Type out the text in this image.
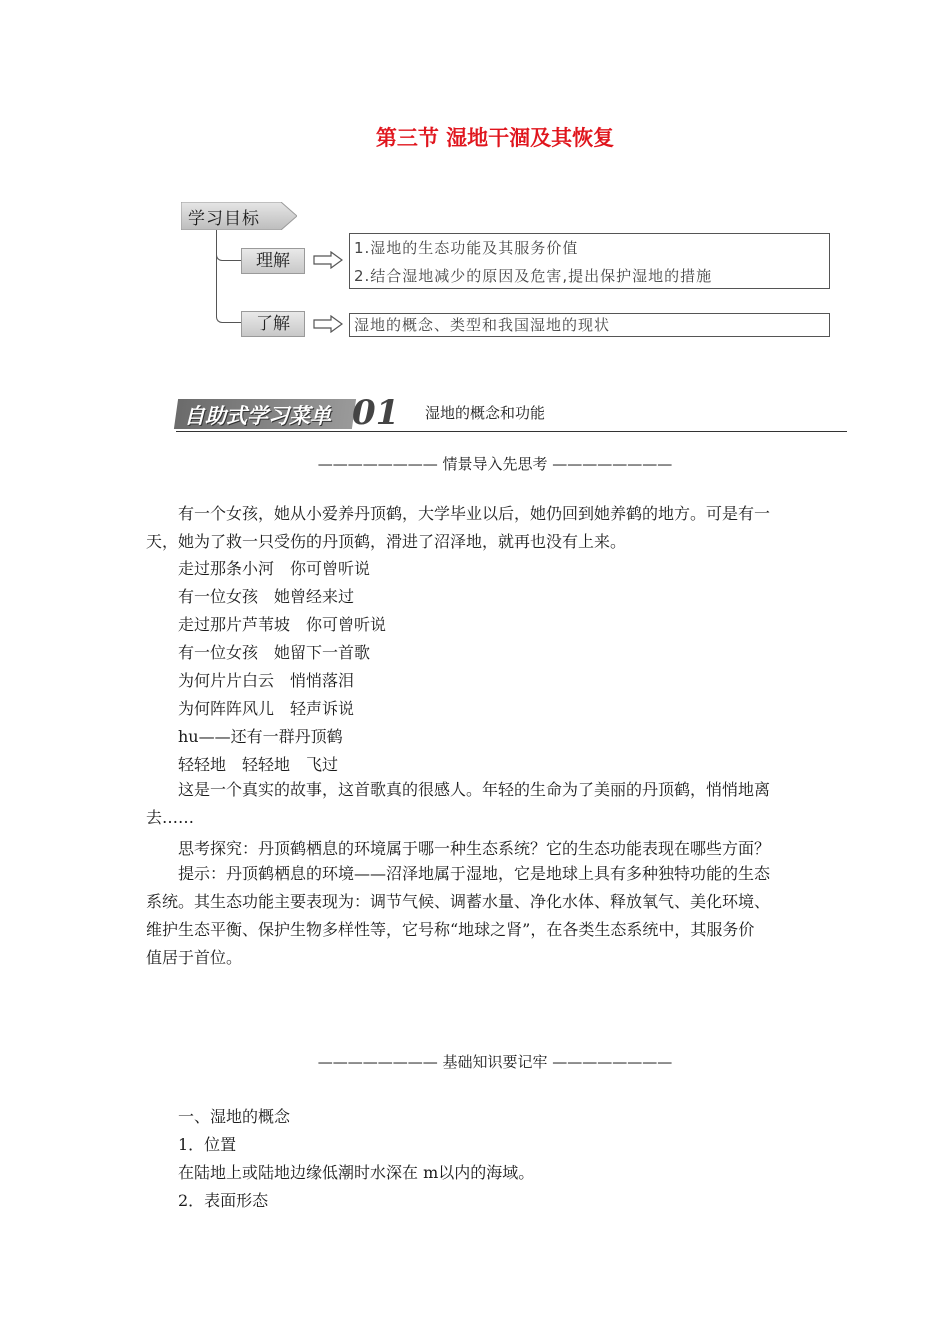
第三节 湿地干涸及其恢复
学习目标
理解
1.湿地的生态功能及其服务价值
2.结合湿地减少的原因及危害,提出保护湿地的措施
了解	湿地的概念、类型和我国湿地的现状
自助式学习菜单 01 湿地的概念和功能
———————— 情景导入先思考 ————————
有一个女孩，她从小爱养丹顶鹤，大学毕业以后，她仍回到她养鹤的地方。可是有一
天，她为了救一只受伤的丹顶鹤，滑进了沼泽地，就再也没有上来。
走过那条小河　你可曾听说
有一位女孩　她曾经来过
走过那片芦苇坡　你可曾听说
有一位女孩　她留下一首歌
为何片片白云　悄悄落泪
为何阵阵风儿　轻声诉说
hu——还有一群丹顶鹤
轻轻地　轻轻地　飞过
这是一个真实的故事，这首歌真的很感人。年轻的生命为了美丽的丹顶鹤，悄悄地离
去……
思考探究：丹顶鹤栖息的环境属于哪一种生态系统？它的生态功能表现在哪些方面？
提示：丹顶鹤栖息的环境——沼泽地属于湿地，它是地球上具有多种独特功能的生态
系统。其生态功能主要表现为：调节气候、调蓄水量、净化水体、释放氧气、美化环境、
维护生态平衡、保护生物多样性等，它号称“地球之肾”，在各类生态系统中，其服务价
值居于首位。
———————— 基础知识要记牢 ————————
一、湿地的概念
1．位置
在陆地上或陆地边缘低潮时水深在 m以内的海域。
2．表面形态
